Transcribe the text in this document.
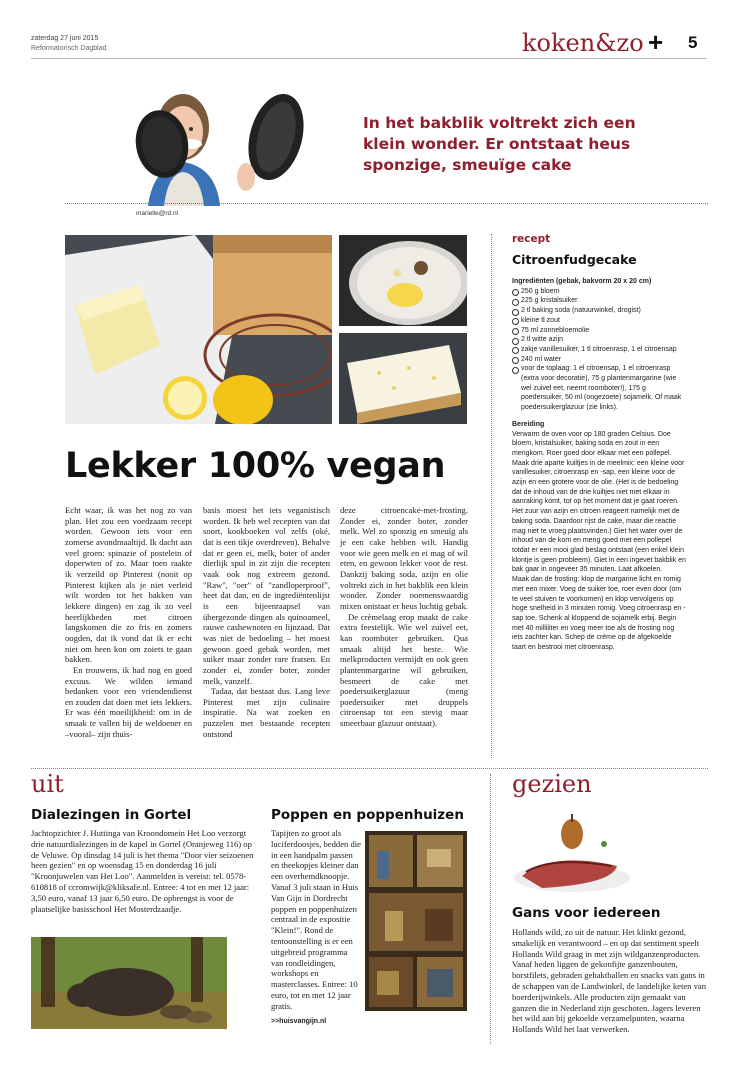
zaterdag 27 juni 2015
Reformatorisch Dagblad	koken&zo + 5
In het bakblik voltrekt zich een klein wonder. Er ontstaat heus sponzige, smeuïge cake
marielle@rd.nl
Lekker 100% vegan

Echt waar, ik was het nog zo van plan. Het zou een voedzaam recept worden. Gewoon iets voor een zomerse avondmaaltijd. Ik dacht aan veel groen: spinazie of postelein of doperwten of zo. Maar toen raakte ik verzeild op Pinterest (nooit op Pinterest kijken als je niet verleid wilt worden tot het bakken van lekkere dingen) en zag ik zo veel heerlijkheden met citroen langskomen die zo fris en zomers oogden, dat ik vond dat ik er echt niet om heen kon om zoiets te gaan bakken.

En trouwens, ik had nog en goed excuus. We wilden iemand bedanken voor een vriendendienst en zouden dat doen met iets lekkers. Er was één moeilijkheid: om in de smaak te vallen bij de weldoener en –vooral– zijn thuis-

basis moest het iets veganistisch worden. Ik heb wel recepten van dat soort, kookboeken vol zelfs (oké, dat is een tikje overdreven). Behalve dat er geen ei, melk, boter of ander dierlijk spul in zit zijn die recepten vaak ook nog extreem gezond. "Raw", "oer" of "zandloperproof", heet dat dan, en de ingrediëntenlijst is een bijeenraapsel van übergezonde dingen als quinoameel, rauwe cashewnoten en lijnzaad. Dat was niet de bedoeling – het moest gewoon goed gebak worden, met suiker maar zonder rare fratsen. En zonder ei, zonder boter, zonder melk, vanzelf.

Tadaa, dat bestaat dus. Lang leve Pinterest met zijn culinaire inspiratie. Na wat zoeken en puzzelen met bestaande recepten ontstond

deze citroencake-met-frosting. Zonder ei, zonder boter, zonder melk. Wel zo sponzig en smeuïg als je een cake hebben wilt. Handig voor wie geen melk en ei mag of wil eten, en gewoon lekker voor de rest. Dankzij baking soda, azijn en olie voltrekt zich in het bakblik een klein wonder. Zonder noemenswaardig mixen ontstaat er heus luchtig gebak.

De crèmelaag erop maakt de cake extra feestelijk. Wie wel zuivel eet, kan roomboter gebruiken. Qua smaak altijd het beste. Wie melkproducten vermijdt en ook geen plantenmargarine wil gebruiken, besmeert de cake met poedersuikerglazuur (meng poedersuiker met druppels citroensap tot een stevig maar smeerbaar glazuur ontstaat).

recept
Citroenfudgecake
Ingrediënten (gebak, bakvorm 20 x 20 cm)
250 g bloem
225 g kristalsuiker
2 tl baking soda (natuurwinkel, drogist)
kleine tl zout
75 ml zonnebloemolie
2 tl witte azijn
zakje vanillesuiker, 1 tl citroenrasp, 1 el citroensap
240 ml water
voor de toplaag: 1 el citroensap, 1 el citroenrasp (extra voor decoratie), 75 g plantenmargarine (wie wel zuivel eet, neemt roomboter!), 175 g poedersuiker, 50 ml (ongezoete) sojamelk. Of maak poedersuikerglazuur (zie links).
Bereiding
Verwarm de oven voor op 180 graden Celsius. Doe bloem, kristalsuiker, baking soda en zout in een mengkom. Roer goed door elkaar met een pollepel. Maak drie aparte kuiltjes in de meelmix: een kleine voor vanillesuiker, citroenrasp en -sap, een kleine voor de azijn en een grotere voor de olie. (Het is de bedoeling dat de inhoud van de drie kuiltjes niet met elkaar in aanraking komt, tot op het moment dat je gaat roeren. Het zuur van azijn en citroen reageert namelijk met de baking soda. Daardoor rijst de cake, maar die reactie mag niet te vroeg plaatsvinden.) Giet het water over de inhoud van de kom en meng goed met een pollepel totdat er een mooi glad beslag ontstaat (een enkel klein klontje is geen probleem). Giet in een ingevet bakblik en bak gaar in ongeveer 35 minuten. Laat afkoelen.
Maak dan de frosting: klop de margarine licht en romig met een mixer. Voeg de suiker toe, roer even door (om te veel stuiven te voorkomen) en klop vervolgens op hoge snelheid in 3 minuten romig. Voeg citroenrasp en -sap toe. Schenk al kloppend de sojamelk erbij. Begin met 40 milliliter en voeg meer toe als de frosting nog iets zachter kan. Schep de crème op de afgekoelde taart en bestrooi met citroenrasp.
uit
Dialezingen in Gortel
Jachtopzichter J. Huttinga van Kroondomein Het Loo verzorgt drie natuurdialezingen in de kapel in Gortel (Oranjeweg 116) op de Veluwe. Op dinsdag 14 juli is het thema "Door vier seizoenen heen gezien" en op woensdag 15 en donderdag 16 juli "Kroonjuwelen van Het Loo". Aanmelden is vereist: tel. 0578-610818 of ccromwijk@kliksafe.nl. Entree: 4 tot en met 12 jaar: 3,50 euro, vanaf 13 jaar 6,50 euro. De opbrengst is voor de plaatselijke basisschool Het Mosterdzaadje.
Poppen en poppenhuizen
Tapijten zo groot als luciferdoosjes, bedden die in een handpalm passen en theekopjes kleiner dan een overhemdknoopje. Vanaf 3 juli staan in Huis Van Gijn in Dordrecht poppen en poppenhuizen centraal in de expositie "Klein!". Rond de tentoonstelling is er een uitgebreid programma van rondleidingen, workshops en masterclasses. Entree: 10 euro, tot en met 12 jaar gratis.
>>huisvangijn.nl
gezien
Gans voor iedereen
Hollands wild, zo uit de natuur. Het klinkt gezond, smakelijk en verantwoord – en op dat sentiment speelt Hollands Wild graag in met zijn wildganzenproducten. Vanaf heden liggen de gekonfijte ganzenbouten, borstfilets, gebraden gehaktballen en snacks van gans in de schappen van de Landwinkel, de landelijke keten van boerderijwinkels. Alle producten zijn gemaakt van ganzen die in Nederland zijn geschoten. Jagers leveren het wild aan bij gekoelde verzamelpunten, waarna Hollands Wild het laat verwerken.
